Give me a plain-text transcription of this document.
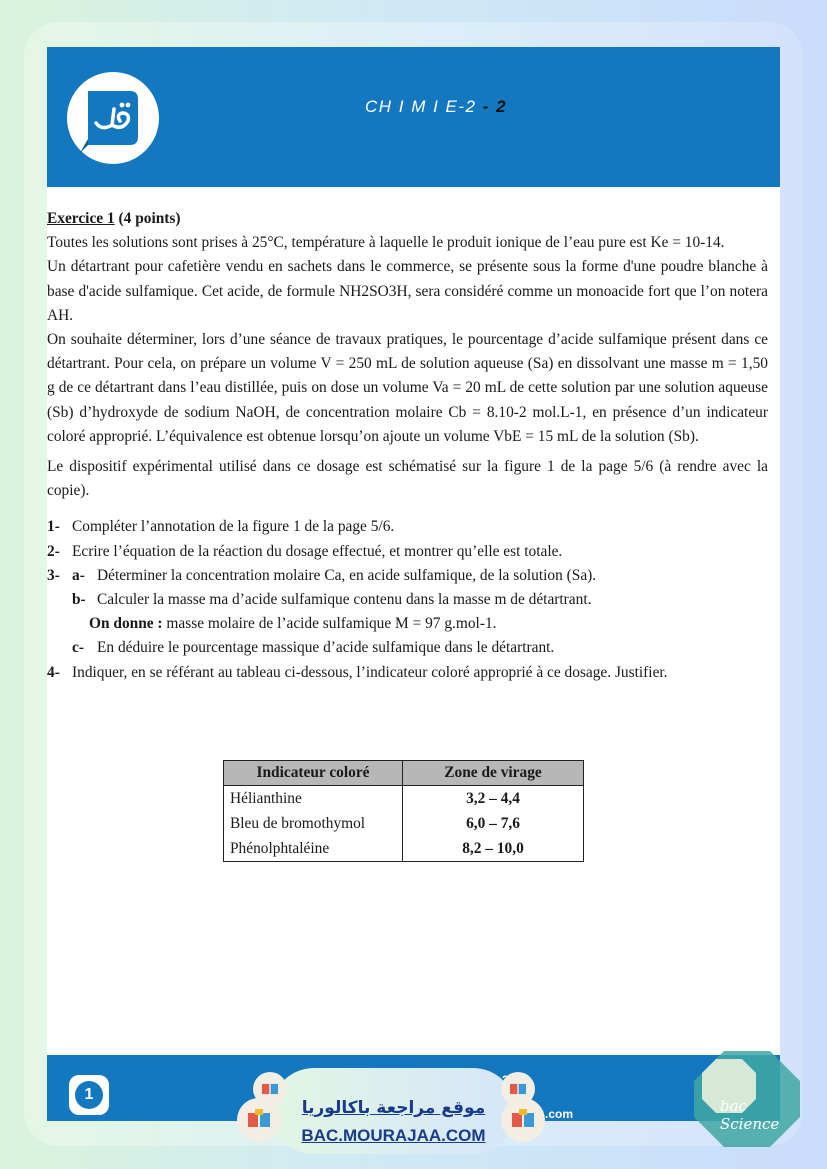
CH I M I E-2 - 2

Exercice 1 (4 points)

Toutes les solutions sont prises à 25°C, température à laquelle le produit ionique de l’eau pure est Ke = 10-14.

Un détartrant pour cafetière vendu en sachets dans le commerce, se présente sous la forme d'une poudre blanche à base d'acide sulfamique. Cet acide, de formule NH2SO3H, sera considéré comme un monoacide fort que l’on notera AH.

On souhaite déterminer, lors d’une séance de travaux pratiques, le pourcentage d’acide sulfamique présent dans ce détartrant. Pour cela, on prépare un volume V = 250 mL de solution aqueuse (Sa) en dissolvant une masse m = 1,50 g de ce détartrant dans l’eau distillée, puis on dose un volume Va = 20 mL de cette solution par une solution aqueuse (Sb) d’hydroxyde de sodium NaOH, de concentration molaire Cb = 8.10-2 mol.L-1, en présence d’un indicateur coloré approprié. L’équivalence est obtenue lorsqu’on ajoute un volume VbE = 15 mL de la solution (Sb).

Le dispositif expérimental utilisé dans ce dosage est schématisé sur la figure 1 de la page 5/6 (à rendre avec la copie).

1- Compléter l’annotation de la figure 1 de la page 5/6.

2- Ecrire l’équation de la réaction du dosage effectué, et montrer qu’elle est totale.

3- a- Déterminer la concentration molaire Ca, en acide sulfamique, de la solution (Sa).

b- Calculer la masse ma d’acide sulfamique contenu dans la masse m de détartrant.

On donne : masse molaire de l’acide sulfamique M = 97 g.mol-1.

c- En déduire le pourcentage massique d’acide sulfamique dans le détartrant.

4- Indiquer, en se référant au tableau ci-dessous, l’indicateur coloré approprié à ce dosage. Justifier.

Indicateur coloré	Zone de virage
Hélianthine	3,2 – 4,4
Bleu de bromothymol	6,0 – 7,6
Phénolphtaléine	8,2 – 10,0
1
.com
موقع مراجعة باكالوريا
BAC.MOURAJAA.COM
bac Science
